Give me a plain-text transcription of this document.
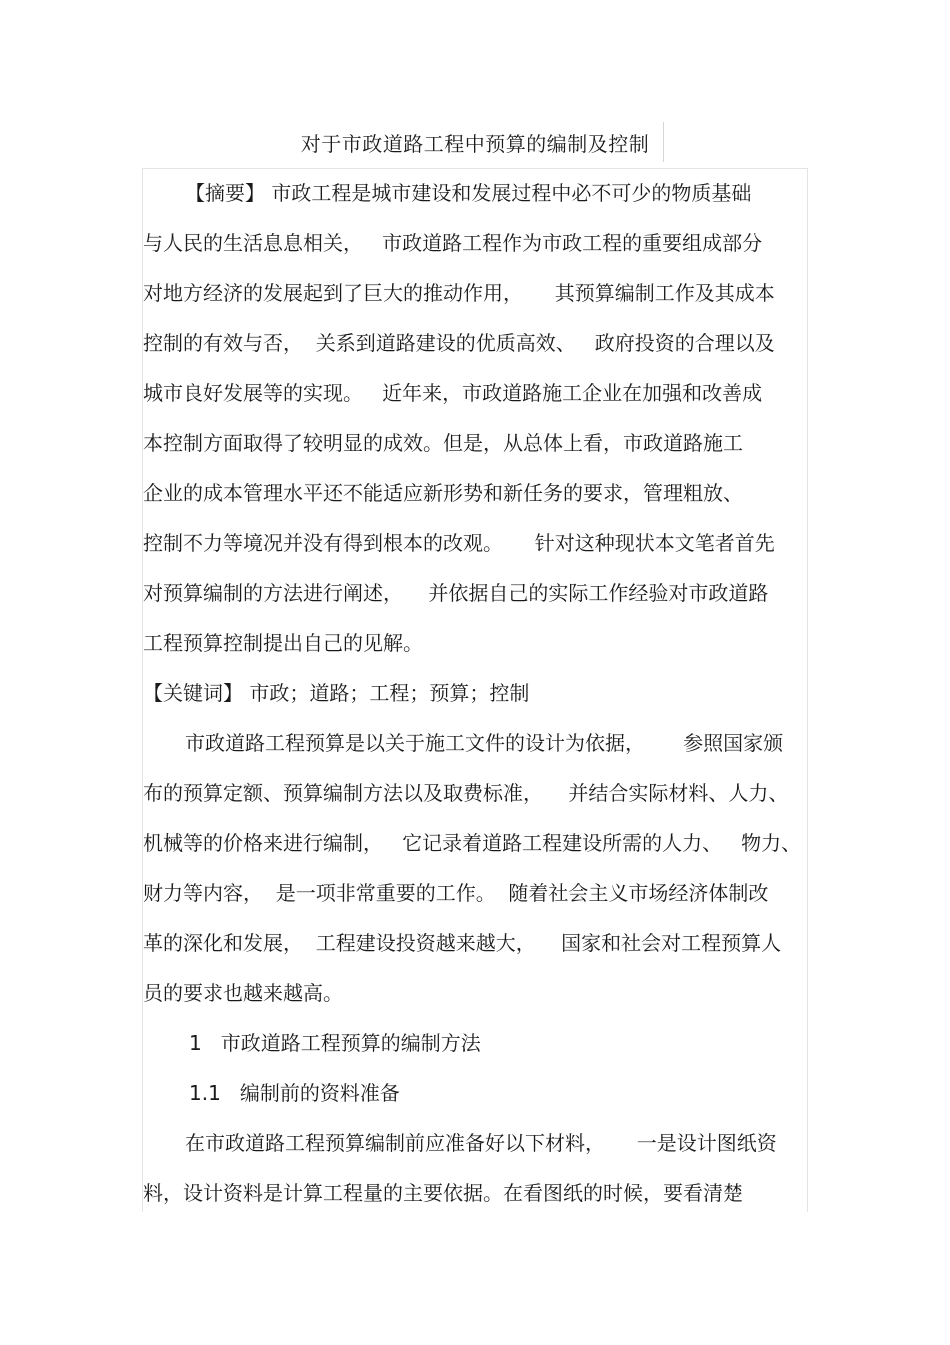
对于市政道路工程中预算的编制及控制
【摘要】 市政工程是城市建设和发展过程中必不可少的物质基础
与人民的生活息息相关，   市政道路工程作为市政工程的重要组成部分
对地方经济的发展起到了巨大的推动作用，     其预算编制工作及其成本
控制的有效与否，  关系到道路建设的优质高效、   政府投资的合理以及
城市良好发展等的实现。   近年来，市政道路施工企业在加强和改善成
本控制方面取得了较明显的成效。但是，从总体上看，市政道路施工
企业的成本管理水平还不能适应新形势和新任务的要求，管理粗放、
控制不力等境况并没有得到根本的改观。     针对这种现状本文笔者首先
对预算编制的方法进行阐述，    并依据自己的实际工作经验对市政道路
工程预算控制提出自己的见解。
【关键词】 市政；道路；工程；预算；控制
市政道路工程预算是以关于施工文件的设计为依据，      参照国家颁
布的预算定额、预算编制方法以及取费标准，    并结合实际材料、人力、
机械等的价格来进行编制，   它记录着道路工程建设所需的人力、   物力、
财力等内容，  是一项非常重要的工作。  随着社会主义市场经济体制改
革的深化和发展，  工程建设投资越来越大，    国家和社会对工程预算人
员的要求也越来越高。
1   市政道路工程预算的编制方法
1.1   编制前的资料准备
在市政道路工程预算编制前应准备好以下材料，     一是设计图纸资
料，设计资料是计算工程量的主要依据。在看图纸的时候，要看清楚
